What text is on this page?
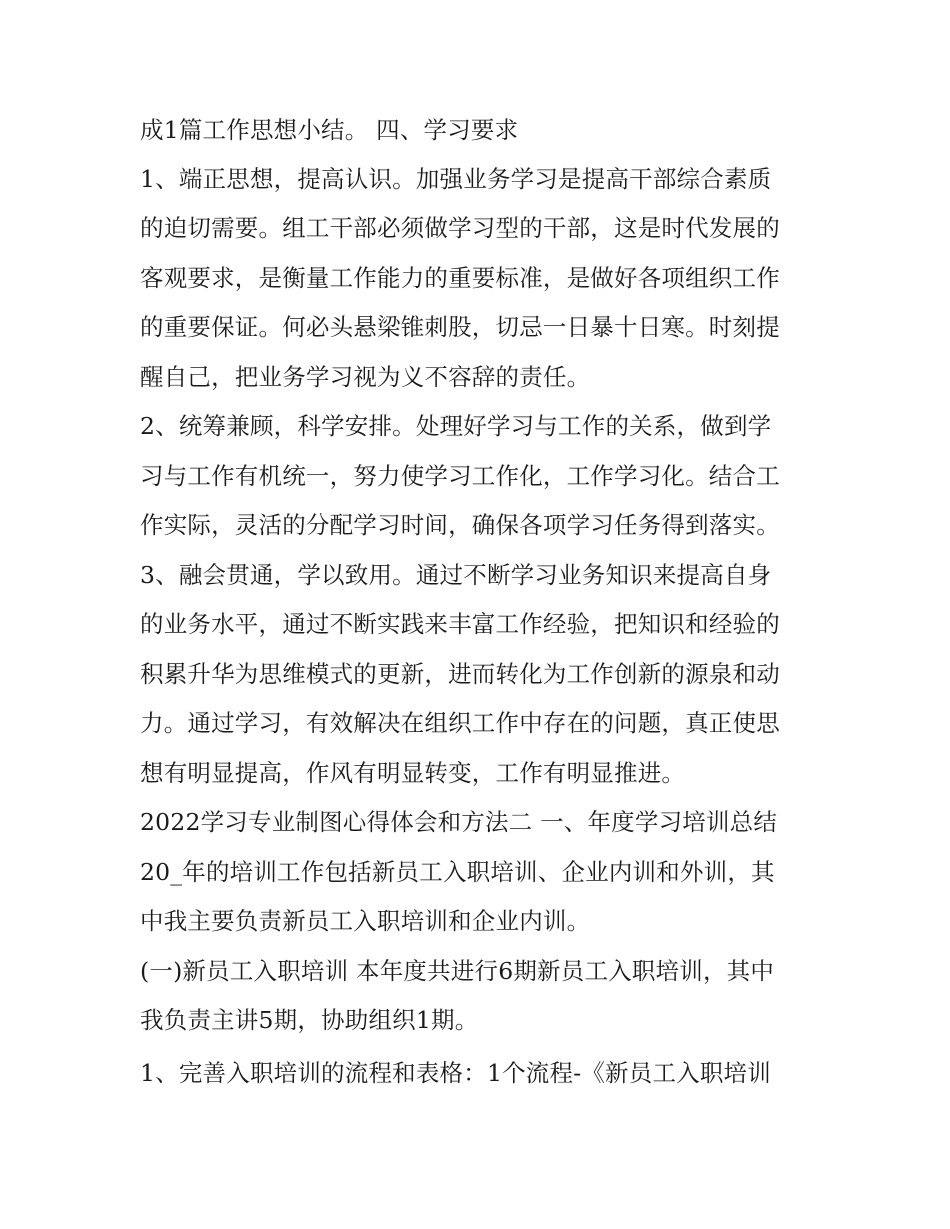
成1篇工作思想小结。 四、学习要求
1、端正思想，提高认识。加强业务学习是提高干部综合素质
的迫切需要。组工干部必须做学习型的干部，这是时代发展的
客观要求，是衡量工作能力的重要标准，是做好各项组织工作
的重要保证。何必头悬梁锥刺股，切忌一日暴十日寒。时刻提
醒自己，把业务学习视为义不容辞的责任。
2、统筹兼顾，科学安排。处理好学习与工作的关系，做到学
习与工作有机统一，努力使学习工作化，工作学习化。结合工
作实际，灵活的分配学习时间，确保各项学习任务得到落实。
3、融会贯通，学以致用。通过不断学习业务知识来提高自身
的业务水平，通过不断实践来丰富工作经验，把知识和经验的
积累升华为思维模式的更新，进而转化为工作创新的源泉和动
力。通过学习，有效解决在组织工作中存在的问题，真正使思
想有明显提高，作风有明显转变，工作有明显推进。
2022学习专业制图心得体会和方法二 一、年度学习培训总结
20_年的培训工作包括新员工入职培训、企业内训和外训，其
中我主要负责新员工入职培训和企业内训。
(一)新员工入职培训 本年度共进行6期新员工入职培训，其中
我负责主讲5期，协助组织1期。
1、完善入职培训的流程和表格：1个流程-《新员工入职培训
